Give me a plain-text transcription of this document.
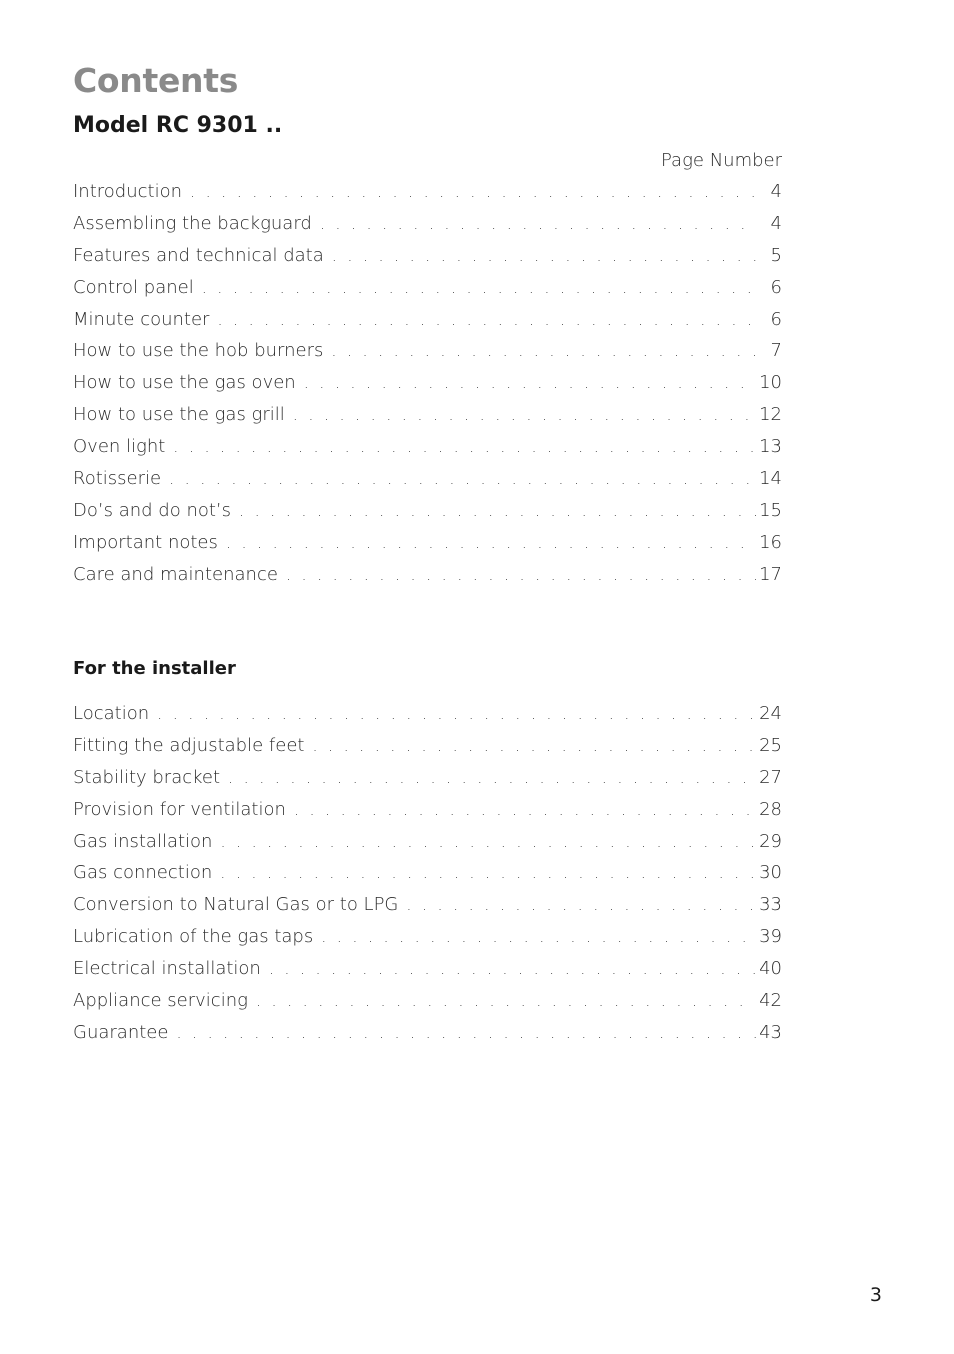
Contents
Model RC 9301 ..
Page Number
Introduction . . .	4
Assembling the backguard . . .	4
Features and technical data . . .	5
Control panel . . .	6
Minute counter . . .	6
How to use the hob burners . . .	7
How to use the gas oven . . .	10
How to use the gas grill . . .	12
Oven light . . .	13
Rotisserie . . .	14
Do’s and do not’s . . .	15
Important notes . . .	16
Care and maintenance . . .	17
For the installer
Location . . .	24
Fitting the adjustable feet . . .	25
Stability bracket . . .	27
Provision for ventilation . . .	28
Gas installation . . .	29
Gas connection . . .	30
Conversion to Natural Gas or to LPG . . .	33
Lubrication of the gas taps . . .	39
Electrical installation . . .	40
Appliance servicing . . .	42
Guarantee . . .	43
3
